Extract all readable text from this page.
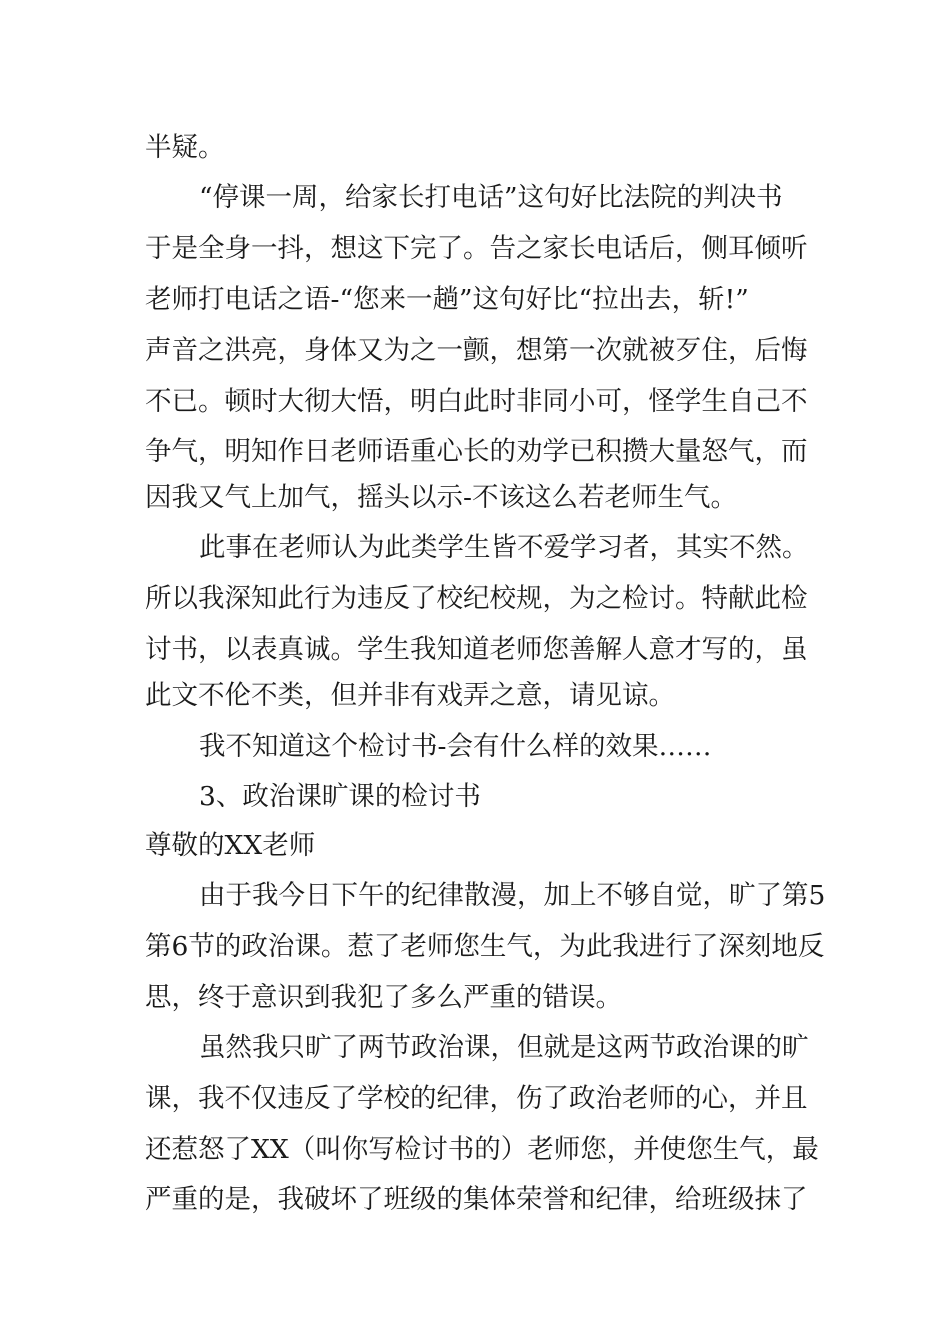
半疑。

“停课一周，给家长打电话”这句好比法院的判决书

于是全身一抖，想这下完了。告之家长电话后，侧耳倾听

老师打电话之语-“您来一趟”这句好比“拉出去，斩!”

声音之洪亮，身体又为之一颤，想第一次就被歹住，后悔

不已。顿时大彻大悟，明白此时非同小可，怪学生自己不

争气，明知作日老师语重心长的劝学已积攒大量怒气，而

因我又气上加气，摇头以示-不该这么若老师生气。

此事在老师认为此类学生皆不爱学习者，其实不然。

所以我深知此行为违反了校纪校规，为之检讨。特献此检

讨书，以表真诚。学生我知道老师您善解人意才写的，虽

此文不伦不类，但并非有戏弄之意，请见谅。

我不知道这个检讨书-会有什么样的效果……

3、政治课旷课的检讨书

尊敬的XX老师

由于我今日下午的纪律散漫，加上不够自觉，旷了第5

第6节的政治课。惹了老师您生气，为此我进行了深刻地反

思，终于意识到我犯了多么严重的错误。

虽然我只旷了两节政治课，但就是这两节政治课的旷

课，我不仅违反了学校的纪律，伤了政治老师的心，并且

还惹怒了XX（叫你写检讨书的）老师您，并使您生气，最

严重的是，我破坏了班级的集体荣誉和纪律，给班级抹了
